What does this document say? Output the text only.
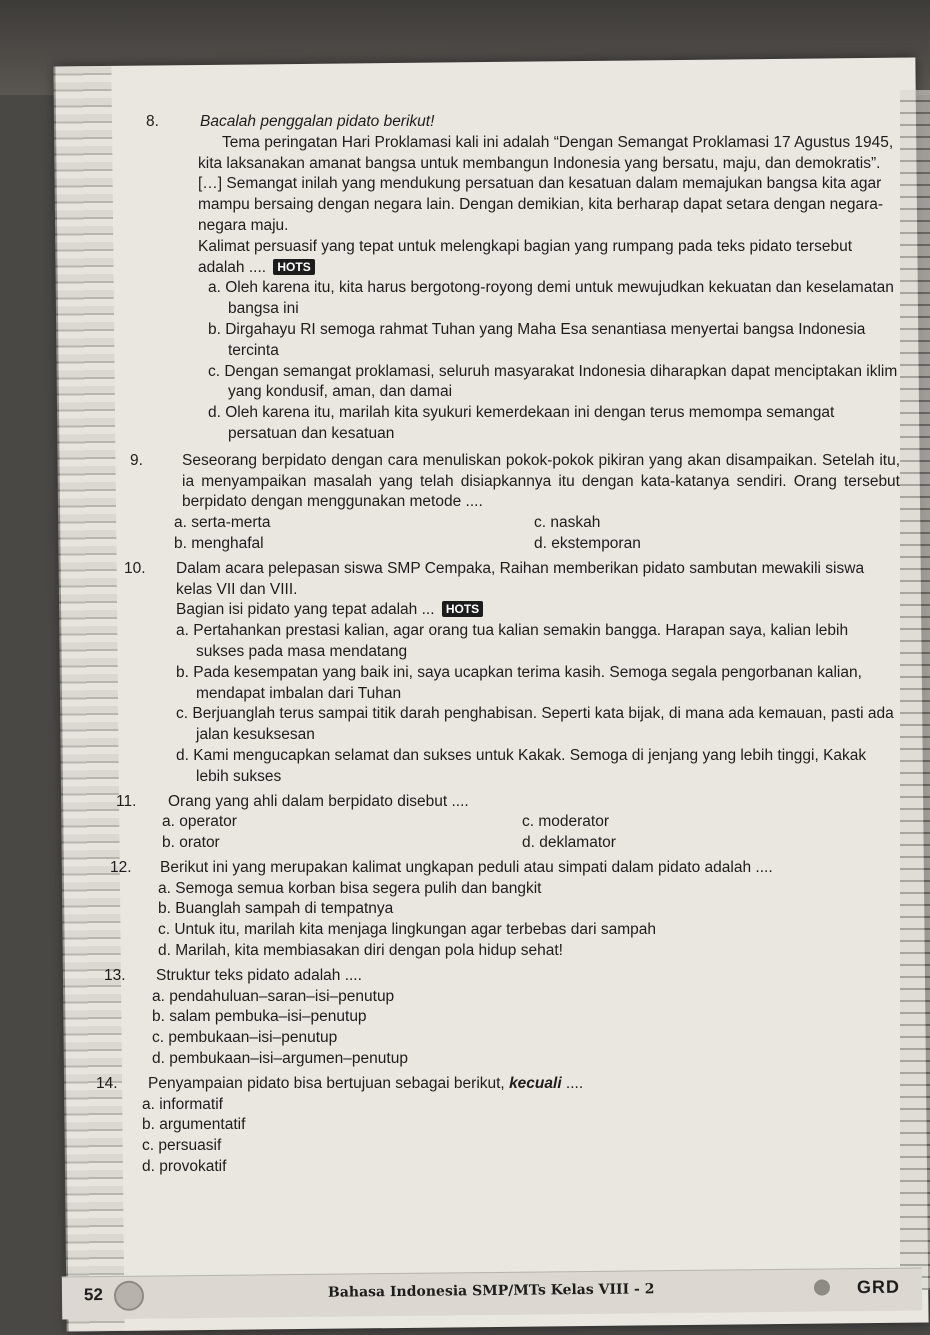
8.	Bacalah penggalan pidato berikut!
Tema peringatan Hari Proklamasi kali ini adalah “Dengan Semangat Proklamasi 17 Agustus 1945, kita laksanakan amanat bangsa untuk membangun Indonesia yang bersatu, maju, dan demokratis”. […] Semangat inilah yang mendukung persatuan dan kesatuan dalam memajukan bangsa kita agar mampu bersaing dengan negara lain. Dengan demikian, kita berharap dapat setara dengan negara-negara maju.
Kalimat persuasif yang tepat untuk melengkapi bagian yang rumpang pada teks pidato tersebut adalah .... HOTS
a. Oleh karena itu, kita harus bergotong-royong demi untuk mewujudkan kekuatan dan keselamatan bangsa ini
b. Dirgahayu RI semoga rahmat Tuhan yang Maha Esa senantiasa menyertai bangsa Indonesia tercinta
c. Dengan semangat proklamasi, seluruh masyarakat Indonesia diharapkan dapat menciptakan iklim yang kondusif, aman, dan damai
d. Oleh karena itu, marilah kita syukuri kemerdekaan ini dengan terus memompa semangat persatuan dan kesatuan
9.	Seseorang berpidato dengan cara menuliskan pokok-pokok pikiran yang akan disampaikan. Setelah itu, ia menyampaikan masalah yang telah disiapkannya itu dengan kata-katanya sendiri. Orang tersebut berpidato dengan menggunakan metode ....
a. serta-merta
b. menghafal
c. naskah
d. ekstemporan
10. Dalam acara pelepasan siswa SMP Cempaka, Raihan memberikan pidato sambutan mewakili siswa kelas VII dan VIII.
Bagian isi pidato yang tepat adalah ... HOTS
a. Pertahankan prestasi kalian, agar orang tua kalian semakin bangga. Harapan saya, kalian lebih sukses pada masa mendatang
b. Pada kesempatan yang baik ini, saya ucapkan terima kasih. Semoga segala pengorbanan kalian, mendapat imbalan dari Tuhan
c. Berjuanglah terus sampai titik darah penghabisan. Seperti kata bijak, di mana ada kemauan, pasti ada jalan kesuksesan
d. Kami mengucapkan selamat dan sukses untuk Kakak. Semoga di jenjang yang lebih tinggi, Kakak lebih sukses
11. Orang yang ahli dalam berpidato disebut ....
a. operator
b. orator
c. moderator
d. deklamator
12. Berikut ini yang merupakan kalimat ungkapan peduli atau simpati dalam pidato adalah ....
a. Semoga semua korban bisa segera pulih dan bangkit
b. Buanglah sampah di tempatnya
c. Untuk itu, marilah kita menjaga lingkungan agar terbebas dari sampah
d. Marilah, kita membiasakan diri dengan pola hidup sehat!
13. Struktur teks pidato adalah ....
a. pendahuluan–saran–isi–penutup
b. salam pembuka–isi–penutup
c. pembukaan–isi–penutup
d. pembukaan–isi–argumen–penutup
14. Penyampaian pidato bisa bertujuan sebagai berikut, kecuali ....
a. informatif
b. argumentatif
c. persuasif
d. provokatif
52	Bahasa Indonesia SMP/MTs Kelas VIII - 2	GRD
